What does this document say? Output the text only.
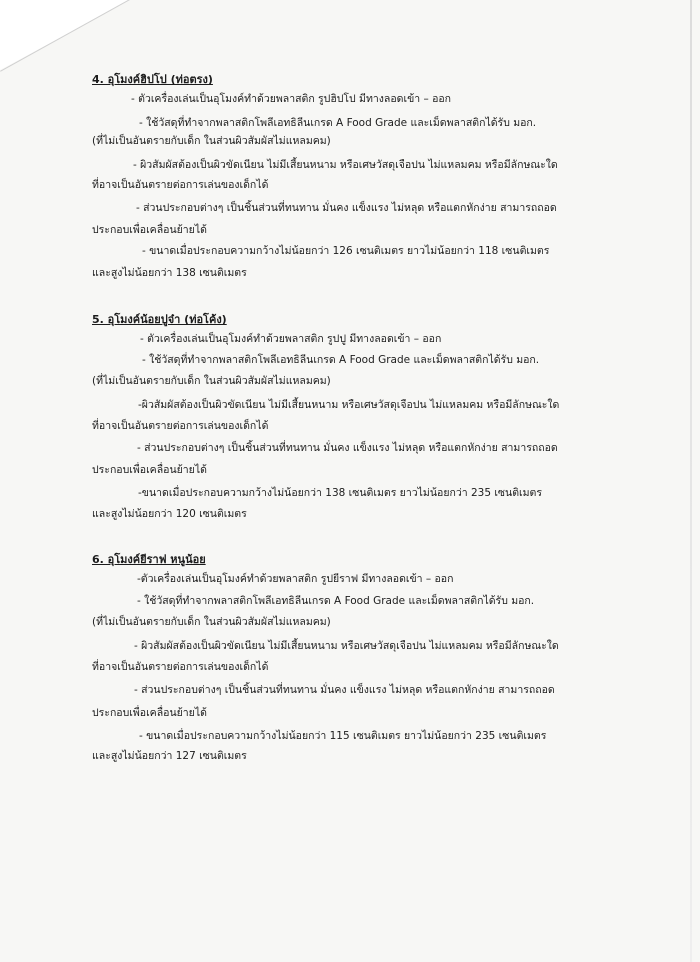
4. อุโมงค์ฮิปโป (ท่อตรง)
- ตัวเครื่องเล่นเป็นอุโมงค์ทำด้วยพลาสติก รูปฮิปโป มีทางลอดเข้า – ออก
- ใช้วัสดุที่ทำจากพลาสติกโพลีเอทธิลีนเกรด A Food Grade และเม็ดพลาสติกได้รับ มอก.
(ที่ไม่เป็นอันตรายกับเด็ก ในส่วนผิวสัมผัสไม่แหลมคม)
- ผิวสัมผัสต้องเป็นผิวขัดเนียน ไม่มีเสี้ยนหนาม หรือเศษวัสดุเจือปน ไม่แหลมคม หรือมีลักษณะใด
ที่อาจเป็นอันตรายต่อการเล่นของเด็กได้
- ส่วนประกอบต่างๆ เป็นชิ้นส่วนที่ทนทาน มั่นคง แข็งแรง ไม่หลุด หรือแตกหักง่าย สามารถถอด
ประกอบเพื่อเคลื่อนย้ายได้
- ขนาดเมื่อประกอบความกว้างไม่น้อยกว่า 126 เซนติเมตร ยาวไม่น้อยกว่า 118 เซนติเมตร
และสูงไม่น้อยกว่า 138 เซนติเมตร
5. อุโมงค์น้อยปูจ๋า (ท่อโค้ง)
- ตัวเครื่องเล่นเป็นอุโมงค์ทำด้วยพลาสติก รูปปู มีทางลอดเข้า – ออก
- ใช้วัสดุที่ทำจากพลาสติกโพลีเอทธิลีนเกรด A Food Grade และเม็ดพลาสติกได้รับ มอก.
(ที่ไม่เป็นอันตรายกับเด็ก ในส่วนผิวสัมผัสไม่แหลมคม)
-ผิวสัมผัสต้องเป็นผิวขัดเนียน ไม่มีเสี้ยนหนาม หรือเศษวัสดุเจือปน ไม่แหลมคม หรือมีลักษณะใด
ที่อาจเป็นอันตรายต่อการเล่นของเด็กได้
- ส่วนประกอบต่างๆ เป็นชิ้นส่วนที่ทนทาน มั่นคง แข็งแรง ไม่หลุด หรือแตกหักง่าย สามารถถอด
ประกอบเพื่อเคลื่อนย้ายได้
-ขนาดเมื่อประกอบความกว้างไม่น้อยกว่า 138 เซนติเมตร ยาวไม่น้อยกว่า 235 เซนติเมตร
และสูงไม่น้อยกว่า 120 เซนติเมตร
6. อุโมงค์ยีราฟ หนูน้อย
-ตัวเครื่องเล่นเป็นอุโมงค์ทำด้วยพลาสติก รูปยีราฟ มีทางลอดเข้า – ออก
- ใช้วัสดุที่ทำจากพลาสติกโพลีเอทธิลีนเกรด A Food Grade และเม็ดพลาสติกได้รับ มอก.
(ที่ไม่เป็นอันตรายกับเด็ก ในส่วนผิวสัมผัสไม่แหลมคม)
- ผิวสัมผัสต้องเป็นผิวขัดเนียน ไม่มีเสี้ยนหนาม หรือเศษวัสดุเจือปน ไม่แหลมคม หรือมีลักษณะใด
ที่อาจเป็นอันตรายต่อการเล่นของเด็กได้
- ส่วนประกอบต่างๆ เป็นชิ้นส่วนที่ทนทาน มั่นคง แข็งแรง ไม่หลุด หรือแตกหักง่าย สามารถถอด
ประกอบเพื่อเคลื่อนย้ายได้
- ขนาดเมื่อประกอบความกว้างไม่น้อยกว่า 115 เซนติเมตร ยาวไม่น้อยกว่า 235 เซนติเมตร
และสูงไม่น้อยกว่า 127 เซนติเมตร
